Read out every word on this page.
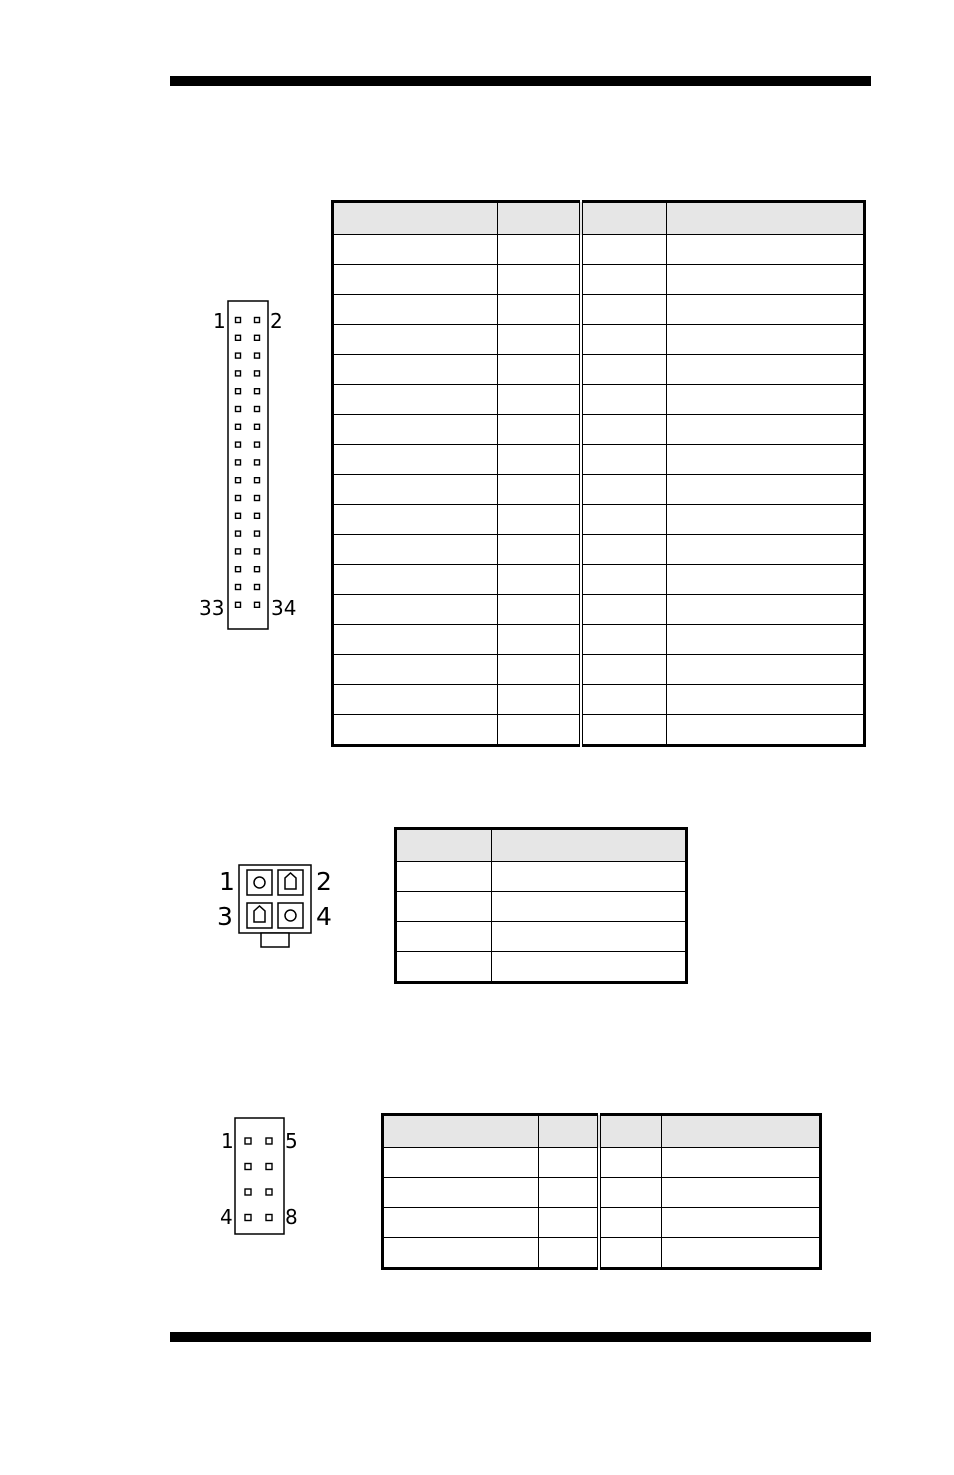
1 2
33 34

1	2
3	4

1	5
4	8
